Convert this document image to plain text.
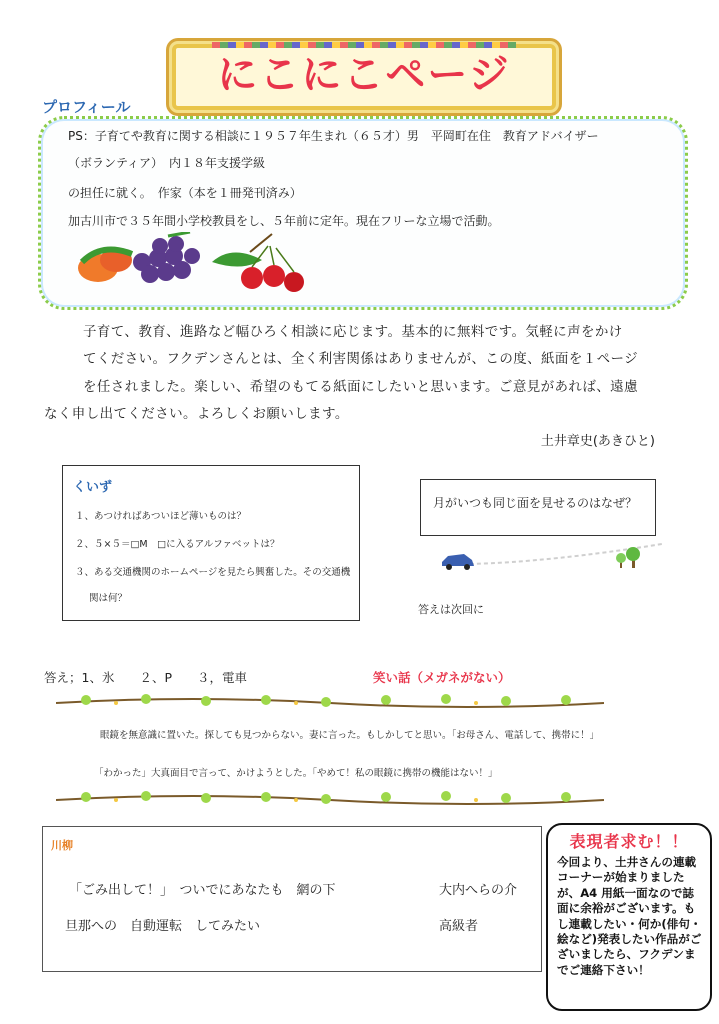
にこにこページ
プロフィール
PS：子育てや教育に関する相談に１９５７年生まれ（６５才）男　平岡町在住　教育アドバイザー
（ボランティア）　内１８年支援学級
の担任に就く。　作家（本を１冊発刊済み）
加古川市で３５年間小学校教員をし、５年前に定年。現在フリーな立場で活動。
子育て、教育、進路など幅ひろく相談に応じます。基本的に無料です。気軽に声をかけ
てください。フクデンさんとは、全く利害関係はありませんが、この度、紙面を１ページ
を任されました。楽しい、希望のもてる紙面にしたいと思います。ご意見があれば、遠慮
なく申し出てください。よろしくお願いします。
土井章史(あきひと)
くいず
１、あつければあついほど薄いものは？
２、５×５＝□M　□に入るアルファベットは？
３、ある交通機関のホームページを見たら興奮した。その交通機
関は何？
月がいつも同じ面を見せるのはなぜ？
答えは次回に
答え；1、氷　　２、P　　３，電車	笑い話（メガネがない）
眼鏡を無意識に置いた。探しても見つからない。妻に言った。もしかしてと思い。「お母さん、電話して、携帯に！」
「わかった」大真面目で言って、かけようとした。「やめて！私の眼鏡に携帯の機能はない！」
川柳
「ごみ出して！」　ついでにあなたも　網の下	大内へらの介
旦那への　自動運転　してみたい	高級者
表現者求む！！
今回より、土井さんの連載コーナーが始まりましたが、A4 用紙一面なので誌面に余裕がございます。もし連載したい・何か(俳句・絵など)発表したい作品がございましたら、フクデンまでご連絡下さい！
